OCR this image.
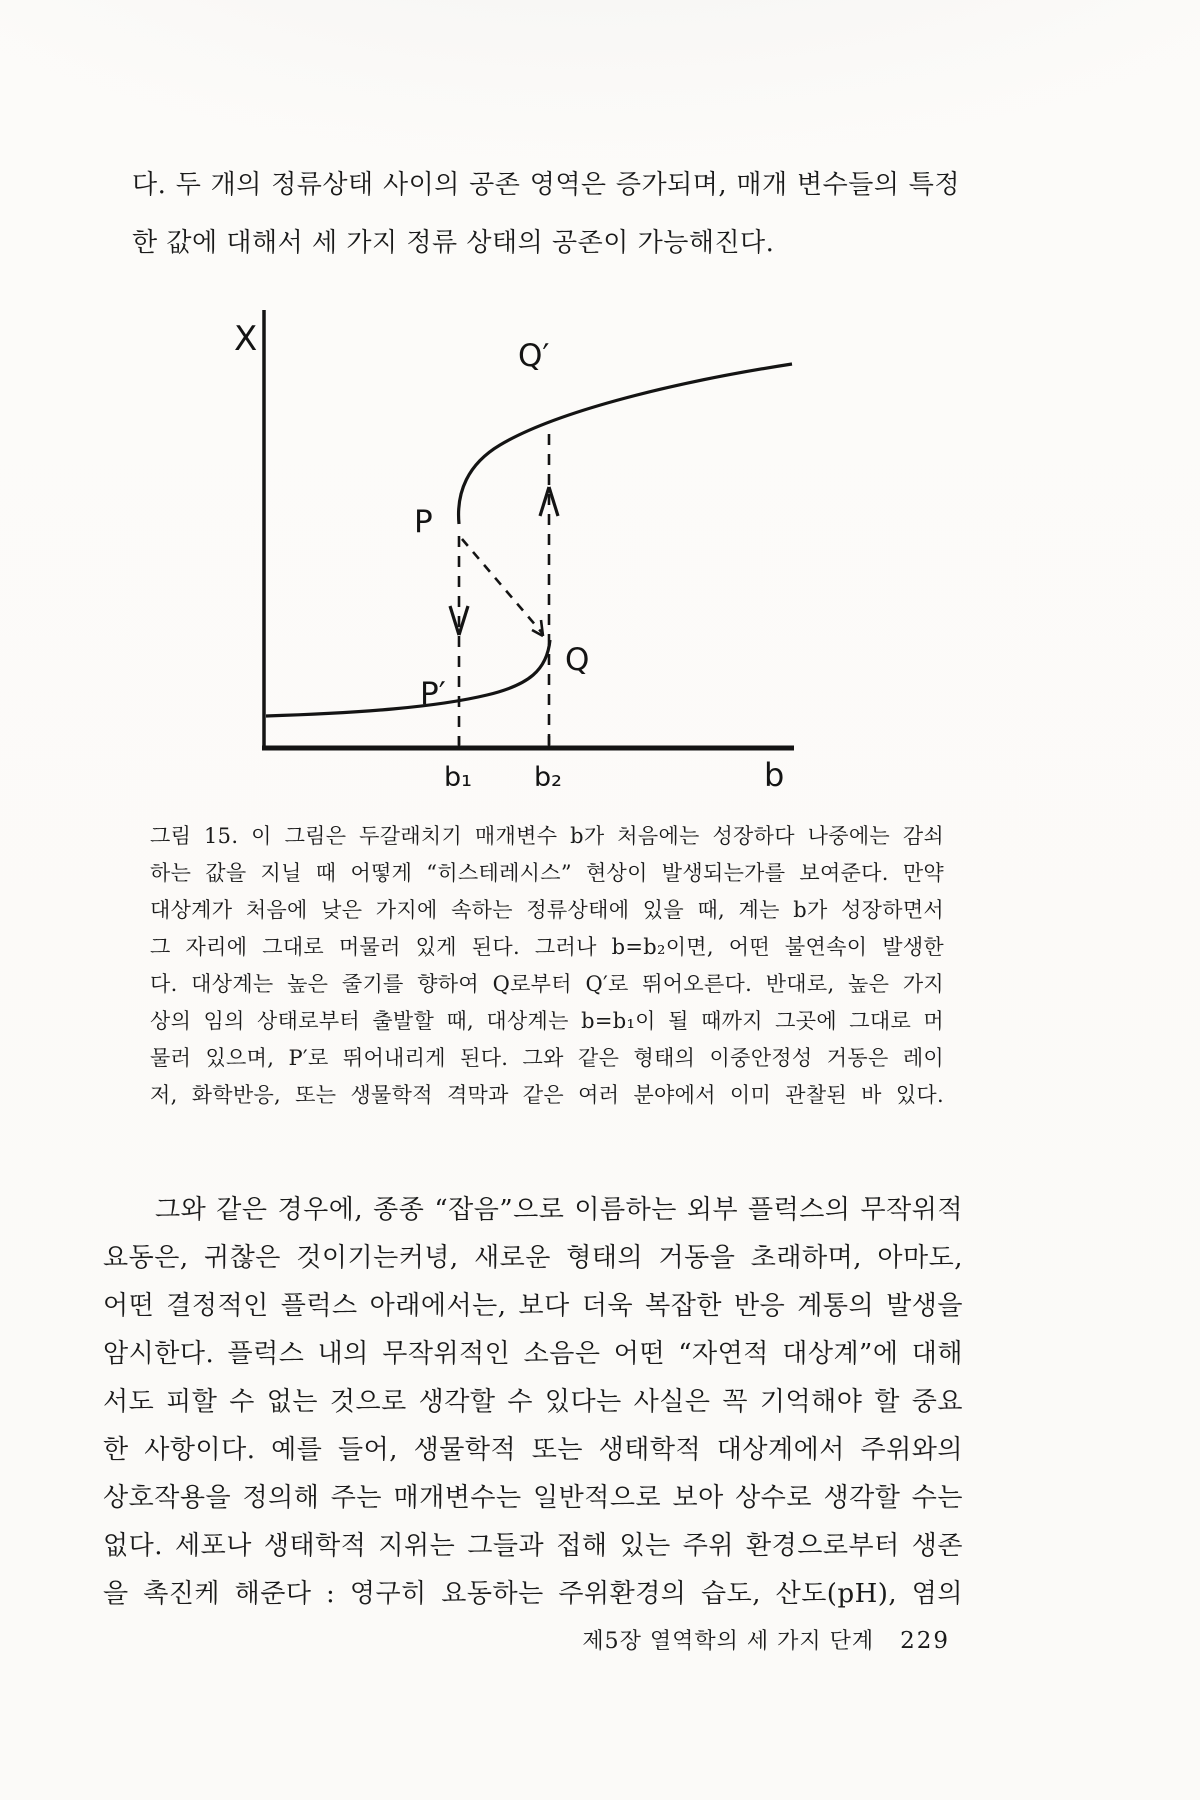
다. 두 개의 정류상태 사이의 공존 영역은 증가되며, 매개 변수들의 특정
한 값에 대해서 세 가지 정류 상태의 공존이 가능해진다.
X
b
b₁ b₂
P
P′
Q
Q′
그림 15. 이 그림은 두갈래치기 매개변수 b가 처음에는 성장하다 나중에는 감쇠
하는 값을 지닐 때 어떻게 “히스테레시스” 현상이 발생되는가를 보여준다. 만약
대상계가 처음에 낮은 가지에 속하는 정류상태에 있을 때, 계는 b가 성장하면서
그 자리에 그대로 머물러 있게 된다. 그러나 b=b₂이면, 어떤 불연속이 발생한
다. 대상계는 높은 줄기를 향하여 Q로부터 Q′로 뛰어오른다. 반대로, 높은 가지
상의 임의 상태로부터 출발할 때, 대상계는 b=b₁이 될 때까지 그곳에 그대로 머
물러 있으며, P′로 뛰어내리게 된다. 그와 같은 형태의 이중안정성 거동은 레이
저, 화학반응, 또는 생물학적 격막과 같은 여러 분야에서 이미 관찰된 바 있다.
그와 같은 경우에, 종종 “잡음”으로 이름하는 외부 플럭스의 무작위적
요동은, 귀찮은 것이기는커녕, 새로운 형태의 거동을 초래하며, 아마도,
어떤 결정적인 플럭스 아래에서는, 보다 더욱 복잡한 반응 계통의 발생을
암시한다. 플럭스 내의 무작위적인 소음은 어떤 “자연적 대상계”에 대해
서도 피할 수 없는 것으로 생각할 수 있다는 사실은 꼭 기억해야 할 중요
한 사항이다. 예를 들어, 생물학적 또는 생태학적 대상계에서 주위와의
상호작용을 정의해 주는 매개변수는 일반적으로 보아 상수로 생각할 수는
없다. 세포나 생태학적 지위는 그들과 접해 있는 주위 환경으로부터 생존
을 촉진케 해준다 : 영구히 요동하는 주위환경의 습도, 산도(pH), 염의
제5장 열역학의 세 가지 단계 229
